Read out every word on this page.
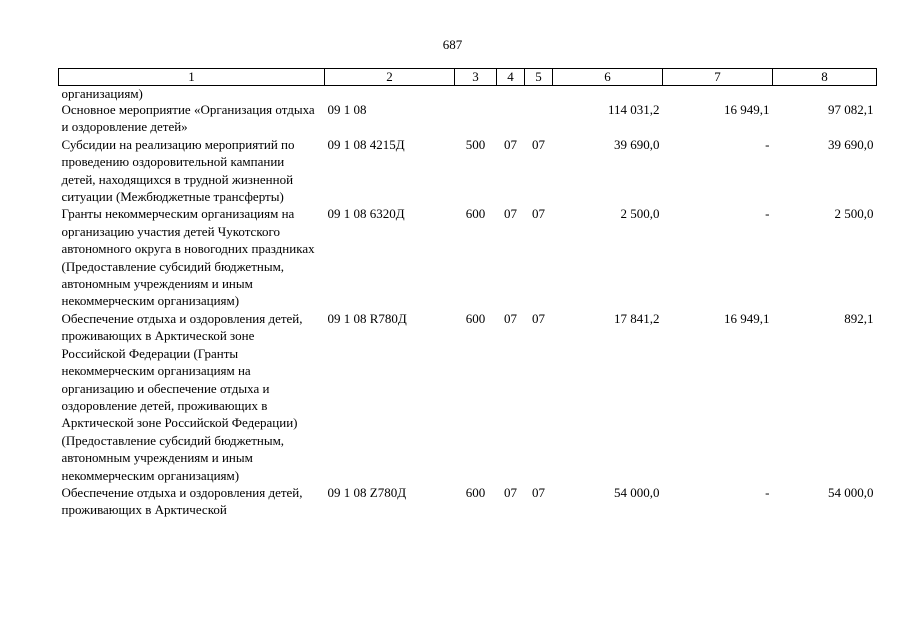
687
1	2	3	4	5	6	7	8
организациям)							
Основное мероприятие «Организация отдыха и оздоровление детей»	09 1 08				114 031,2	16 949,1	97 082,1
Субсидии на реализацию мероприятий по проведению оздоровительной кампании детей, находящихся в трудной жизненной ситуации (Межбюджетные трансферты)	09 1 08 4215Д	500	07	07	39 690,0	-	39 690,0
Гранты некоммерческим организациям на организацию участия детей Чукотского автономного округа в новогодних праздниках (Предоставление субсидий бюджетным, автономным учреждениям и иным некоммерческим организациям)	09 1 08 6320Д	600	07	07	2 500,0	-	2 500,0
Обеспечение отдыха и оздоровления детей, проживающих в Арктической зоне Российской Федерации (Гранты некоммерческим организациям на организацию и обеспечение отдыха и оздоровление детей, проживающих в Арктической зоне Российской Федерации) (Предоставление субсидий бюджетным, автономным учреждениям и иным некоммерческим организациям)	09 1 08 R780Д	600	07	07	17 841,2	16 949,1	892,1
Обеспечение отдыха и оздоровления детей, проживающих в Арктической	09 1 08 Z780Д	600	07	07	54 000,0	-	54 000,0
